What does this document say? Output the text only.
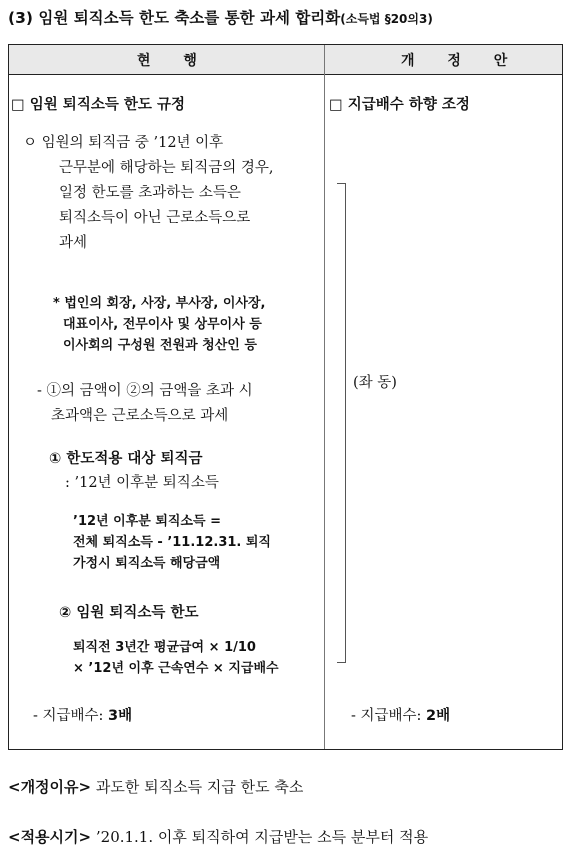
(3) 임원 퇴직소득 한도 축소를 통한 과세 합리화(소득법 §20의3)
현 행	개 정 안
□ 임원 퇴직소득 한도 규정
ㅇ 임원의 퇴직금 중 ’12년 이후
근무분에 해당하는 퇴직금의 경우,
일정 한도를 초과하는 소득은
퇴직소득이 아닌 근로소득으로
과세
* 법인의 회장, 사장, 부사장, 이사장,
대표이사, 전무이사 및 상무이사 등
이사회의 구성원 전원과 청산인 등
- ①의 금액이 ②의 금액을 초과 시
초과액은 근로소득으로 과세
① 한도적용 대상 퇴직금
: ’12년 이후분 퇴직소득
’12년 이후분 퇴직소득 =
전체 퇴직소득 - ’11.12.31. 퇴직
가정시 퇴직소득 해당금액
② 임원 퇴직소득 한도
퇴직전 3년간 평균급여 × 1/10
× ’12년 이후 근속연수 × 지급배수
- 지급배수: 3배
□ 지급배수 하향 조정
(좌 동)
- 지급배수: 2배
<개정이유> 과도한 퇴직소득 지급 한도 축소
<적용시기> ’20.1.1. 이후 퇴직하여 지급받는 소득 분부터 적용
